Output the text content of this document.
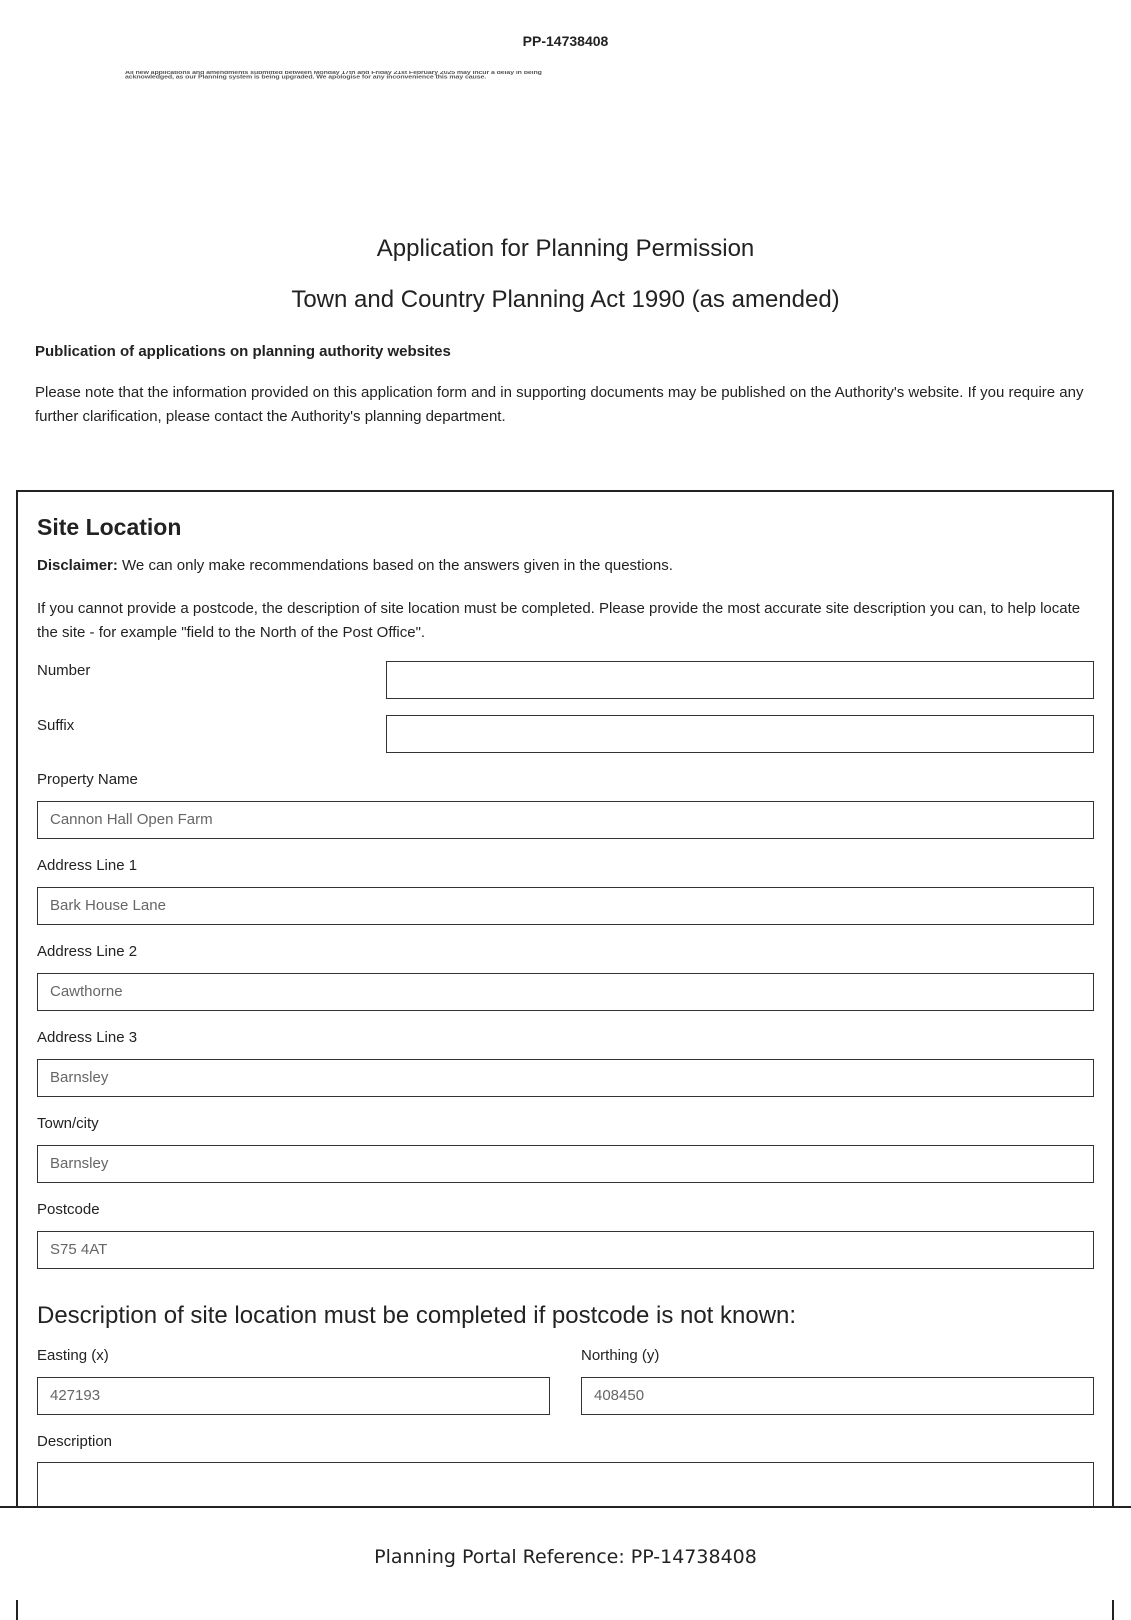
PP-14738408
All new applications and amendments submitted between Monday 17th and Friday 21st February 2025 may incur a delay in being
acknowledged, as our Planning system is being upgraded. We apologise for any inconvenience this may cause.
Application for Planning Permission
Town and Country Planning Act 1990 (as amended)
Publication of applications on planning authority websites
Please note that the information provided on this application form and in supporting documents may be published on the Authority's website. If you require any further clarification, please contact the Authority's planning department.
Site Location
Disclaimer: We can only make recommendations based on the answers given in the questions.
If you cannot provide a postcode, the description of site location must be completed. Please provide the most accurate site description you can, to help locate the site - for example "field to the North of the Post Office".
Number
Suffix
Property Name
Cannon Hall Open Farm
Address Line 1
Bark House Lane
Address Line 2
Cawthorne
Address Line 3
Barnsley
Town/city
Barnsley
Postcode
S75 4AT
Description of site location must be completed if postcode is not known:
Easting (x)
427193
Northing (y)
408450
Description
Planning Portal Reference: PP-14738408
